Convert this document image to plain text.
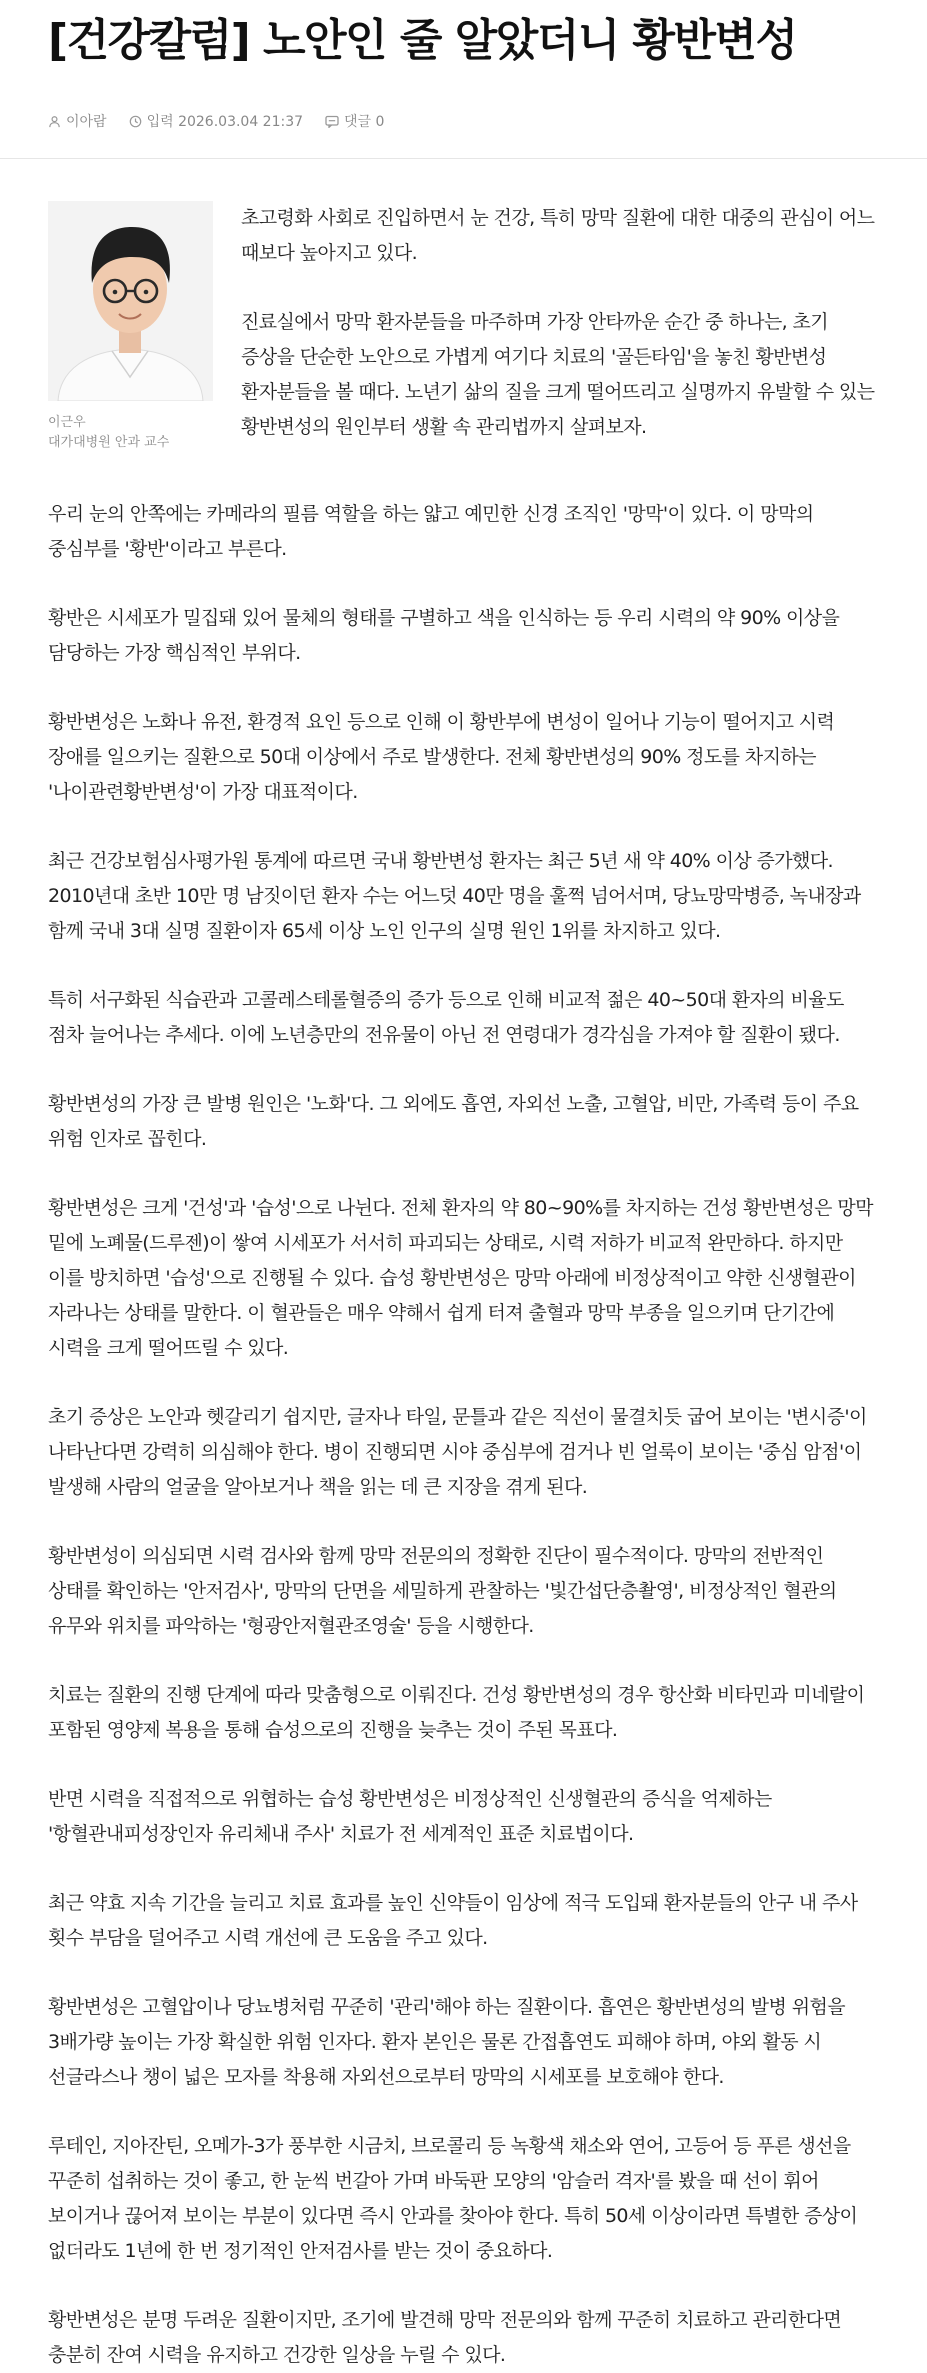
[건강칼럼] 노안인 줄 알았더니 황반변성
이아람	입력 2026.03.04 21:37	댓글 0
이근우
대가대병원 안과 교수

초고령화 사회로 진입하면서 눈 건강, 특히 망막 질환에 대한 대중의 관심이 어느 때보다 높아지고 있다.

진료실에서 망막 환자분들을 마주하며 가장 안타까운 순간 중 하나는, 초기 증상을 단순한 노안으로 가볍게 여기다 치료의 '골든타임'을 놓친 황반변성 환자분들을 볼 때다. 노년기 삶의 질을 크게 떨어뜨리고 실명까지 유발할 수 있는 황반변성의 원인부터 생활 속 관리법까지 살펴보자.

우리 눈의 안쪽에는 카메라의 필름 역할을 하는 얇고 예민한 신경 조직인 '망막'이 있다. 이 망막의 중심부를 '황반'이라고 부른다.

황반은 시세포가 밀집돼 있어 물체의 형태를 구별하고 색을 인식하는 등 우리 시력의 약 90% 이상을 담당하는 가장 핵심적인 부위다.

황반변성은 노화나 유전, 환경적 요인 등으로 인해 이 황반부에 변성이 일어나 기능이 떨어지고 시력 장애를 일으키는 질환으로 50대 이상에서 주로 발생한다. 전체 황반변성의 90% 정도를 차지하는 '나이관련황반변성'이 가장 대표적이다.

최근 건강보험심사평가원 통계에 따르면 국내 황반변성 환자는 최근 5년 새 약 40% 이상 증가했다. 2010년대 초반 10만 명 남짓이던 환자 수는 어느덧 40만 명을 훌쩍 넘어서며, 당뇨망막병증, 녹내장과 함께 국내 3대 실명 질환이자 65세 이상 노인 인구의 실명 원인 1위를 차지하고 있다.

특히 서구화된 식습관과 고콜레스테롤혈증의 증가 등으로 인해 비교적 젊은 40~50대 환자의 비율도 점차 늘어나는 추세다. 이에 노년층만의 전유물이 아닌 전 연령대가 경각심을 가져야 할 질환이 됐다.

황반변성의 가장 큰 발병 원인은 '노화'다. 그 외에도 흡연, 자외선 노출, 고혈압, 비만, 가족력 등이 주요 위험 인자로 꼽힌다.

황반변성은 크게 '건성'과 '습성'으로 나뉜다. 전체 환자의 약 80~90%를 차지하는 건성 황반변성은 망막 밑에 노폐물(드루젠)이 쌓여 시세포가 서서히 파괴되는 상태로, 시력 저하가 비교적 완만하다. 하지만 이를 방치하면 '습성'으로 진행될 수 있다. 습성 황반변성은 망막 아래에 비정상적이고 약한 신생혈관이 자라나는 상태를 말한다. 이 혈관들은 매우 약해서 쉽게 터져 출혈과 망막 부종을 일으키며 단기간에 시력을 크게 떨어뜨릴 수 있다.

초기 증상은 노안과 헷갈리기 쉽지만, 글자나 타일, 문틀과 같은 직선이 물결치듯 굽어 보이는 '변시증'이 나타난다면 강력히 의심해야 한다. 병이 진행되면 시야 중심부에 검거나 빈 얼룩이 보이는 '중심 암점'이 발생해 사람의 얼굴을 알아보거나 책을 읽는 데 큰 지장을 겪게 된다.

황반변성이 의심되면 시력 검사와 함께 망막 전문의의 정확한 진단이 필수적이다. 망막의 전반적인 상태를 확인하는 '안저검사', 망막의 단면을 세밀하게 관찰하는 '빛간섭단층촬영', 비정상적인 혈관의 유무와 위치를 파악하는 '형광안저혈관조영술' 등을 시행한다.

치료는 질환의 진행 단계에 따라 맞춤형으로 이뤄진다. 건성 황반변성의 경우 항산화 비타민과 미네랄이 포함된 영양제 복용을 통해 습성으로의 진행을 늦추는 것이 주된 목표다.

반면 시력을 직접적으로 위협하는 습성 황반변성은 비정상적인 신생혈관의 증식을 억제하는 '항혈관내피성장인자 유리체내 주사' 치료가 전 세계적인 표준 치료법이다.

최근 약효 지속 기간을 늘리고 치료 효과를 높인 신약들이 임상에 적극 도입돼 환자분들의 안구 내 주사 횟수 부담을 덜어주고 시력 개선에 큰 도움을 주고 있다.

황반변성은 고혈압이나 당뇨병처럼 꾸준히 '관리'해야 하는 질환이다. 흡연은 황반변성의 발병 위험을 3배가량 높이는 가장 확실한 위험 인자다. 환자 본인은 물론 간접흡연도 피해야 하며, 야외 활동 시 선글라스나 챙이 넓은 모자를 착용해 자외선으로부터 망막의 시세포를 보호해야 한다.

루테인, 지아잔틴, 오메가-3가 풍부한 시금치, 브로콜리 등 녹황색 채소와 연어, 고등어 등 푸른 생선을 꾸준히 섭취하는 것이 좋고, 한 눈씩 번갈아 가며 바둑판 모양의 '암슬러 격자'를 봤을 때 선이 휘어 보이거나 끊어져 보이는 부분이 있다면 즉시 안과를 찾아야 한다. 특히 50세 이상이라면 특별한 증상이 없더라도 1년에 한 번 정기적인 안저검사를 받는 것이 중요하다.

황반변성은 분명 두려운 질환이지만, 조기에 발견해 망막 전문의와 함께 꾸준히 치료하고 관리한다면 충분히 잔여 시력을 유지하고 건강한 일상을 누릴 수 있다.
